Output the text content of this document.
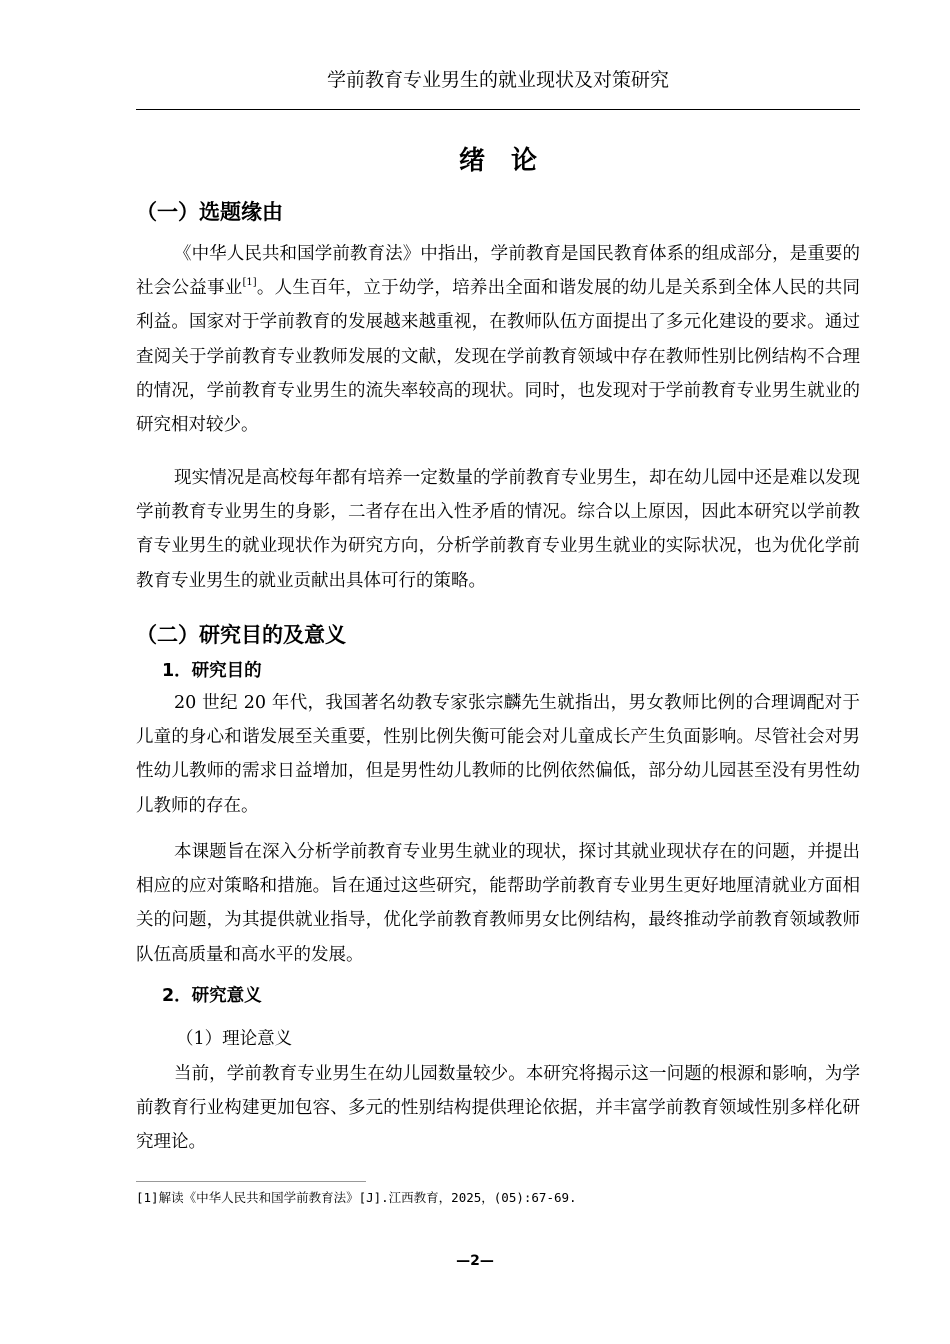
学前教育专业男生的就业现状及对策研究
绪论
（一）选题缘由

《中华人民共和国学前教育法》中指出，学前教育是国民教育体系的组成部分，是重要的社会公益事业[1]。人生百年，立于幼学，培养出全面和谐发展的幼儿是关系到全体人民的共同利益。国家对于学前教育的发展越来越重视，在教师队伍方面提出了多元化建设的要求。通过查阅关于学前教育专业教师发展的文献，发现在学前教育领域中存在教师性别比例结构不合理的情况，学前教育专业男生的流失率较高的现状。同时，也发现对于学前教育专业男生就业的研究相对较少。

现实情况是高校每年都有培养一定数量的学前教育专业男生，却在幼儿园中还是难以发现学前教育专业男生的身影，二者存在出入性矛盾的情况。综合以上原因，因此本研究以学前教育专业男生的就业现状作为研究方向，分析学前教育专业男生就业的实际状况，也为优化学前教育专业男生的就业贡献出具体可行的策略。

（二）研究目的及意义
1．研究目的

20 世纪 20 年代，我国著名幼教专家张宗麟先生就指出，男女教师比例的合理调配对于儿童的身心和谐发展至关重要，性别比例失衡可能会对儿童成长产生负面影响。尽管社会对男性幼儿教师的需求日益增加，但是男性幼儿教师的比例依然偏低，部分幼儿园甚至没有男性幼儿教师的存在。

本课题旨在深入分析学前教育专业男生就业的现状，探讨其就业现状存在的问题，并提出相应的应对策略和措施。旨在通过这些研究，能帮助学前教育专业男生更好地厘清就业方面相关的问题，为其提供就业指导，优化学前教育教师男女比例结构，最终推动学前教育领域教师队伍高质量和高水平的发展。

2．研究意义
（1）理论意义

当前，学前教育专业男生在幼儿园数量较少。本研究将揭示这一问题的根源和影响，为学前教育行业构建更加包容、多元的性别结构提供理论依据，并丰富学前教育领域性别多样化研究理论。

[1]解读《中华人民共和国学前教育法》[J].江西教育，2025，(05):67-69.
—2—
